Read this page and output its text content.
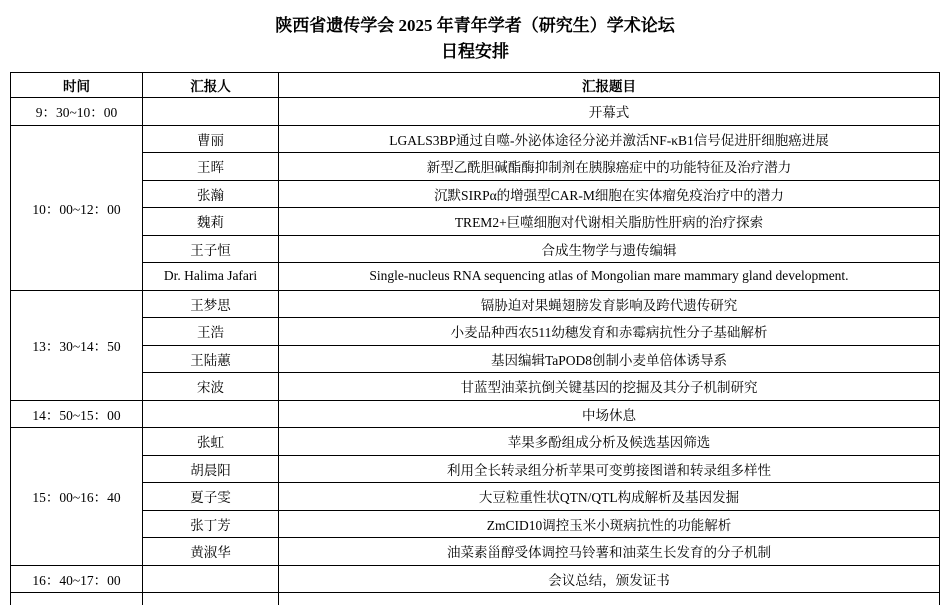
陕西省遗传学会 2025 年青年学者（研究生）学术论坛
日程安排
时间	汇报人	汇报题目
9：30~10：00		开幕式
10：00~12：00	曹丽	LGALS3BP通过自噬-外泌体途径分泌并激活NF-κB1信号促进肝细胞癌进展
	王晖	新型乙酰胆碱酯酶抑制剂在胰腺癌症中的功能特征及治疗潜力
	张瀚	沉默SIRPα的增强型CAR-M细胞在实体瘤免疫治疗中的潜力
	魏莉	TREM2+巨噬细胞对代谢相关脂肪性肝病的治疗探索
	王子恒	合成生物学与遗传编辑
	Dr. Halima Jafari	Single-nucleus RNA sequencing atlas of Mongolian mare mammary gland development.
13：30~14：50	王梦思	镉胁迫对果蝇翅膀发育影响及跨代遗传研究
	王浩	小麦品种西农511幼穗发育和赤霉病抗性分子基础解析
	王陆蕙	基因编辑TaPOD8创制小麦单倍体诱导系
	宋波	甘蓝型油菜抗倒关键基因的挖掘及其分子机制研究
14：50~15：00		中场休息
15：00~16：40	张虹	苹果多酚组成分析及候选基因筛选
	胡晨阳	利用全长转录组分析苹果可变剪接图谱和转录组多样性
	夏子雯	大豆粒重性状QTN/QTL构成解析及基因发掘
	张丁芳	ZmCID10调控玉米小斑病抗性的功能解析
	黄淑华	油菜素甾醇受体调控马铃薯和油菜生长发育的分子机制
16：40~17：00		会议总结，颁发证书
